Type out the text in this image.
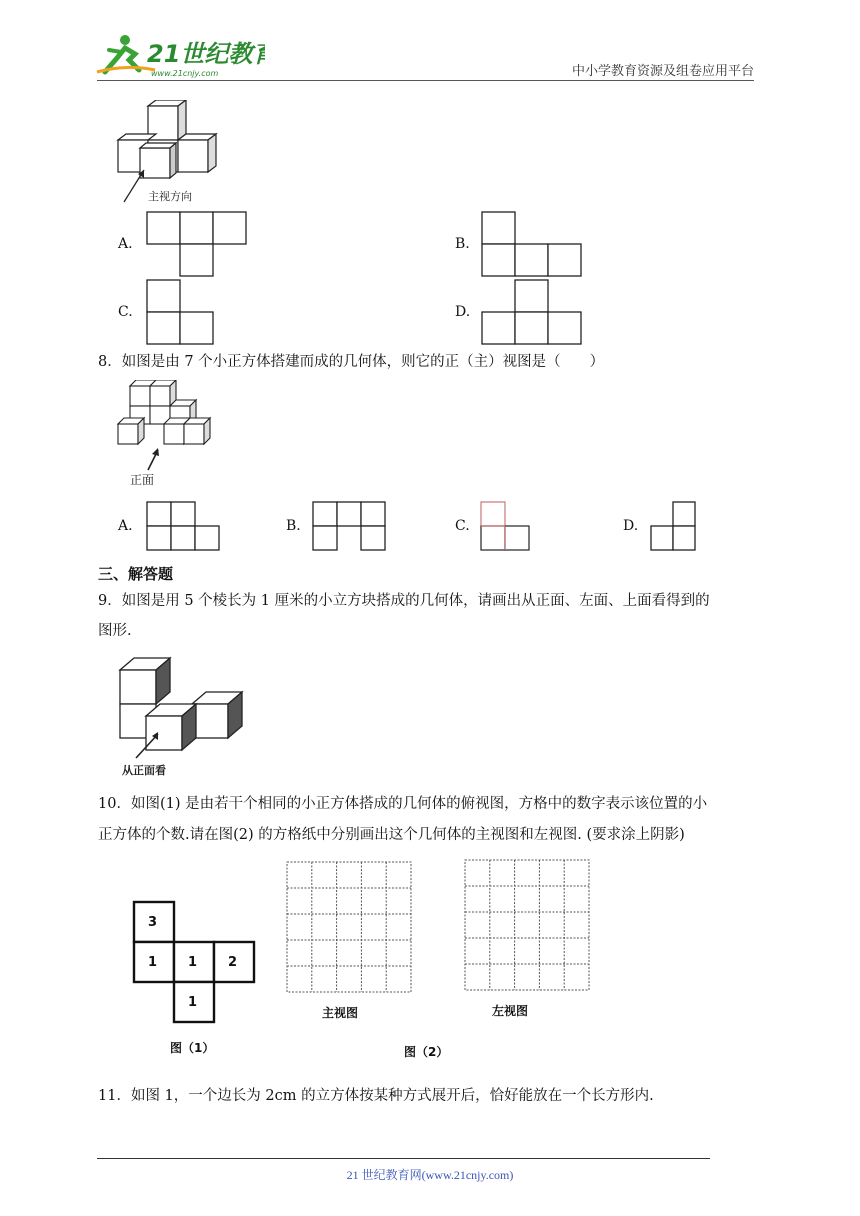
21世纪教育
www.21cnjy.com	中小学教育资源及组卷应用平台
主视方向
A.	B.
C.	D.
8．如图是由 7 个小正方体搭建而成的几何体，则它的正（主）视图是（　　）
正面
A.	B.	C.	D.
三、解答题
9．如图是用 5 个棱长为 1 厘米的小立方块搭成的几何体，请画出从正面、左面、上面看得到的
图形.
从正面看
10．如图(1) 是由若干个相同的小正方体搭成的几何体的俯视图，方格中的数字表示该位置的小
正方体的个数.请在图(2) 的方格纸中分别画出这个几何体的主视图和左视图. (要求涂上阴影)
3
1 1 2
1
图（1）
主视图	左视图
图（2）
11．如图 1，一个边长为 2cm 的立方体按某种方式展开后，恰好能放在一个长方形内.
21 世纪教育网(www.21cnjy.com)
